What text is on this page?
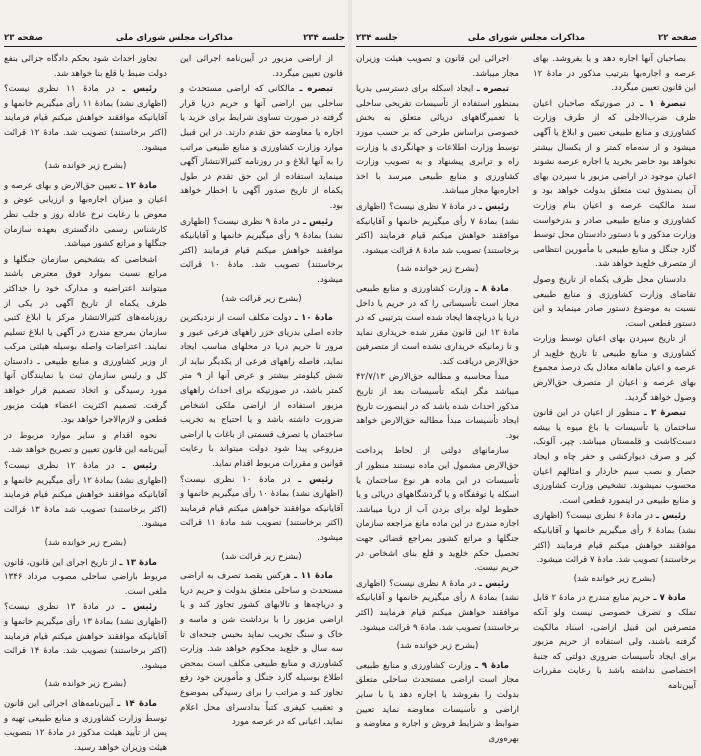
مذاکرات مجلس شورای ملی	جلسه ۲۳۴
صفحه ۲۳

از اراضی مزبور در آیین‌نامه اجرائی این قانون تعیین میگردد.

تبصره ـ مالکانی که اراضی مستحدث و ساحلی بین اراضی آنها و حریم دریا قرار گرفته در صورت تساوی شرایط برای خرید یا اجاره یا معاوضه حق تقدم دارند. در این قبیل موارد وزارت کشاورزی و منابع طبیعی مراتب را به آنها ابلاغ و در روزنامه کثیرالانتشار آگهی مینماید استفاده از این حق تقدم در طول یکماه از تاریخ صدور آگهی با اخطار خواهد بود.

رئیس ـ در مادهٔ ۹ نظری نیست؟ (اظهاری نشد) بمادهٔ ۹ رأی میگیریم خانمها و آقایانیکه موافقند خواهش میکنم قیام فرمایند (اکثر برخاستند) تصویب شد. مادهٔ ۱۰ قرائت میشود.

(بشرح زیر قرائت شد)

مادهٔ ۱۰ ـ دولت مکلف است از نزدیکترین جاده اصلی بدریای خزر راههای فرعی عبور و مرور تا حریم دریا در محلهای مناسب ایجاد نماید، فاصله راههای فرعی از یکدیگر نباید از شش کیلومتر بیشتر و عرض آنها از ۹ متر کمتر باشد، در صورتیکه برای احداث راههای مزبور استفاده از اراضی ملکی اشخاص ضرورت داشته باشد و یا احتیاج به تخریب ساختمان یا تصرف قسمتی از باغات یا اراضی مزروعی پیدا شود دولت میتواند با رعایت قوانین و مقررات مربوط اقدام نماید.

رئیس ـ در مادهٔ ۱۰ نظری نیست؟ (اظهاری نشد) بمادهٔ ۱۰ رأی میگیریم خانمها و آقایانیکه موافقند خواهش میکنم قیام فرمایند (اکثر برخاستند) تصویب شد مادهٔ ۱۱ قرائت میشود.

(بشرح زیر قرائت شد)

مادهٔ ۱۱ ـ هرکس بقصد تصرف به اراضی مستحدث و ساحلی متعلق بدولت و حریم دریا و دریاچه‌ها و تالابهای کشور تجاوز کند و یا اراضی مزبور را با برداشت شن و ماسه و خاک و سنگ تخریب نماید بحبس جنحه‌ای تا سه سال و خلع‌ید محکوم خواهد شد. وزارت کشاورزی و منابع طبیعی مکلف است بمحض اطلاع بوسیله گارد جنگل و مأمورین خود رفع تجاوز کند و مراتب را برای رسیدگی بموضوع و تعقیب کیفری کتباً بدادسرای محل اعلام نماید. اعیانی که در عرصه مورد

تجاوز احداث شود بحکم دادگاه جزائی بنفع دولت ضبط یا قلع بنا خواهد شد.

رئیس ـ در مادهٔ ۱۱ نظری نیست؟ (اظهاری نشد) بمادهٔ ۱۱ رأی میگیریم خانمها و آقایانیکه موافقند خواهش میکنم قیام فرمایند (اکثر برخاستند) تصویب شد. مادهٔ ۱۲ قرائت میشود.

(بشرح زیر خوانده شد)

مادهٔ ۱۲ ـ تعیین حق‌الارض و بهای عرصه و اعیان و میزان اجاره‌بها و ارزیابی عوض و معوض با رعایت نرخ عادله روز و جلب نظر کارشناس رسمی دادگستری بعهده سازمان جنگلها و مراتع کشور میباشد.

اشخاصی که بتشخیص سازمان جنگلها و مراتع نسبت بموارد فوق معترض باشند میتوانند اعتراضیه و مدارک خود را حداکثر ظرف یکماه از تاریخ آگهی در یکی از روزنامه‌های کثیرالانتشار مرکز یا ابلاغ کتبی سازمان بمرجع مندرج در آگهی یا ابلاغ تسلیم نمایند. اعتراضات واصله بوسیله هیئتی مرکب از وزیر کشاورزی و منابع طبیعی ـ دادستان کل و رئیس سازمان ثبت یا نمایندگان آنها مورد رسیدگی و اتخاذ تصمیم قرار خواهد گرفت. تصمیم اکثریت اعضاء هیئت مزبور قطعی و لازم‌الاجرا خواهد بود.

نحوه اقدام و سایر موارد مربوط در آیین‌نامه این قانون تعیین و تصریح خواهد شد.

رئیس ـ در مادهٔ ۱۲ نظری نیست؟ (اظهاری نشد) بمادهٔ ۱۲ رأی میگیریم خانمها و آقایانیکه موافقند خواهش میکنم قیام فرمایند (اکثر برخاستند) تصویب شد مادهٔ ۱۳ قرائت میشود.

(بشرح زیر خوانده شد)

مادهٔ ۱۳ ـ از تاریخ اجرای این قانون، قانون مربوط باراضی ساحلی مصوب مرداد ۱۳۴۶ ملغی است.

رئیس ـ در مادهٔ ۱۳ نظری نیست؟ (اظهاری نشد) بمادهٔ ۱۳ رأی میگیریم خانمها و آقایانیکه موافقند خواهش میکنم قیام فرمایند (اکثر برخاستند) تصویب شد. مادهٔ ۱۴ قرائت میشود.

(بشرح زیر خوانده شد)

مادهٔ ۱۴ ـ آیین‌نامه‌های اجرائی این قانون توسط وزارت کشاورزی و منابع طبیعی تهیه و پس از تأیید هیئت مذکور در مادهٔ ۱۲ بتصویب هیئت وزیران خواهد رسید.

مذاکرات مجلس شورای ملی	صفحه ۲۲
جلسه ۲۳۴

بصاحبان آنها اجاره دهد و یا بفروشد. بهای عرصه و اجاره‌بها بترتیب مذکور در مادهٔ ۱۲ این قانون تعیین میگردد.

تبصرهٔ ۱ ـ در صورتیکه صاحبان اعیان ظرف ضرب‌الاجلی که از طرف وزارت کشاورزی و منابع طبیعی تعیین و ابلاغ یا آگهی میشود و از سه‌ماه کمتر و از یکسال بیشتر نخواهد بود حاضر بخرید یا اجاره عرصه نشوند اعیان موجود در اراضی مزبور با سپردن بهای آن بصندوق ثبت متعلق بدولت خواهد بود و سند مالکیت عرصه و اعیان بنام وزارت کشاورزی و منابع طبیعی صادر و بدرخواست وزارت مذکور و با دستور دادستان محل توسط گارد جنگل و منابع طبیعی با مأمورین انتظامی از متصرف خلع‌ید خواهد شد.

دادستان محل ظرف یکماه از تاریخ وصول تقاضای وزارت کشاورزی و منابع طبیعی نسبت به موضوع دستور صادر مینماید و این دستور قطعی است.

از تاریخ سپردن بهای اعیان توسط وزارت کشاورزی و منابع طبیعی تا تاریخ خلع‌ید از عرصه و اعیان ماهانه معادل یک درصد مجموع بهای عرصه و اعیان از متصرف حق‌الارض وصول خواهد گردید.

تبصرهٔ ۲ ـ منظور از اعیان در این قانون ساختمان یا تأسیسات یا باغ میوه یا بیشه دست‌کاشت و قلمستان میباشد. چپر، آلونک، کپر و صرف دیوارکشی و حفر چاه و ایجاد حصار و نصب سیم خاردار و امثالهم اعیان محسوب نمیشوند. تشخیص وزارت کشاورزی و منابع طبیعی در اینمورد قطعی است.

رئیس ـ در مادهٔ ۶ نظری نیست؟ (اظهاری نشد) بمادهٔ ۶ رأی میگیریم خانمها و آقایانیکه موافقند خواهش میکنم قیام فرمایند (اکثر برخاستند) تصویب شد. مادهٔ ۷ قرائت میشود.

(بشرح زیر خوانده شد)

مادهٔ ۷ ـ حریم منابع مندرج در مادهٔ ۲ قابل تملک و تصرف خصوصی نیست ولو آنکه متصرفین این قبیل اراضی، اسناد مالکیت گرفته باشند، ولی استفاده از حریم مزبور برای ایجاد تأسیسات ضروری دولتی که جنبهٔ اختصاصی نداشته باشد با رعایت مقررات آیین‌نامه

اجرائی این قانون و تصویب هیئت وزیران مجاز میباشد.

تبصره ـ ایجاد اسکله برای دسترسی بدریا بمنظور استفاده از تأسیسات تفریحی ساحلی یا تعمیرگاههای دریائی متعلق به بخش خصوصی براساس طرحی که بر حسب مورد توسط وزارت اطلاعات و جهانگردی یا وزارت راه و ترابری پیشنهاد و به تصویب وزارت کشاورزی و منابع طبیعی میرسد با اخذ اجاره‌بها مجاز میباشد.

رئیس ـ در مادهٔ ۷ نظری نیست؟ (اظهاری نشد) بمادهٔ ۷ رأی میگیریم خانمها و آقایانیکه موافقند خواهش میکنم قیام فرمایند (اکثر برخاستند) تصویب شد مادهٔ ۸ قرائت میشود.

(بشرح زیر خوانده شد)

مادهٔ ۸ ـ وزارت کشاورزی و منابع طبیعی مجاز است تأسیساتی را که در حریم یا داخل دریا یا دریاچه‌ها ایجاد شده است بترتیبی که در مادهٔ ۱۲ این قانون مقرر شده خریداری نماید و تا زمانیکه خریداری نشده است از متصرفین حق‌الارض دریافت کند.

مبدأ محاسبه و مطالبه حق‌الارض ۴۲/۷/۱۳ میباشد مگر اینکه تأسیسات بعد از تاریخ مذکور احداث شده باشد که در اینصورت تاریخ ایجاد تأسیسات مبدأ مطالبه حق‌الارض خواهد بود.

سازمانهای دولتی از لحاظ پرداخت حق‌الارض مشمول این ماده نیستند منظور از تأسیسات در این ماده هر نوع ساختمان یا اسکله یا توقفگاه و یا گردشگاههای دریائی و یا خطوط لوله برای بردن آب از دریا میباشد. اجازه مندرج در این ماده مانع مراجعه سازمان جنگلها و مراتع کشور بمراجع قضائی جهت تحصیل حکم خلع‌ید و قلع بنای اشخاص در حریم نیست.

رئیس ـ در مادهٔ ۸ نظری نیست؟ (اظهاری نشد) بمادهٔ ۸ رأی میگیریم خانمها و آقایانیکه موافقند خواهش میکنم قیام فرمایند (اکثر برخاستند) تصویب شد. مادهٔ ۹ قرائت میشود.

(بشرح زیر خوانده شد)

مادهٔ ۹ ـ وزارت کشاورزی و منابع طبیعی مجاز است اراضی مستحدث ساحلی متعلق بدولت را بفروشد یا اجاره دهد یا با سایر اراضی و تأسیسات معاوضه نماید تعیین ضوابط و شرایط فروش و اجاره و معاوضه و بهره‌وری
